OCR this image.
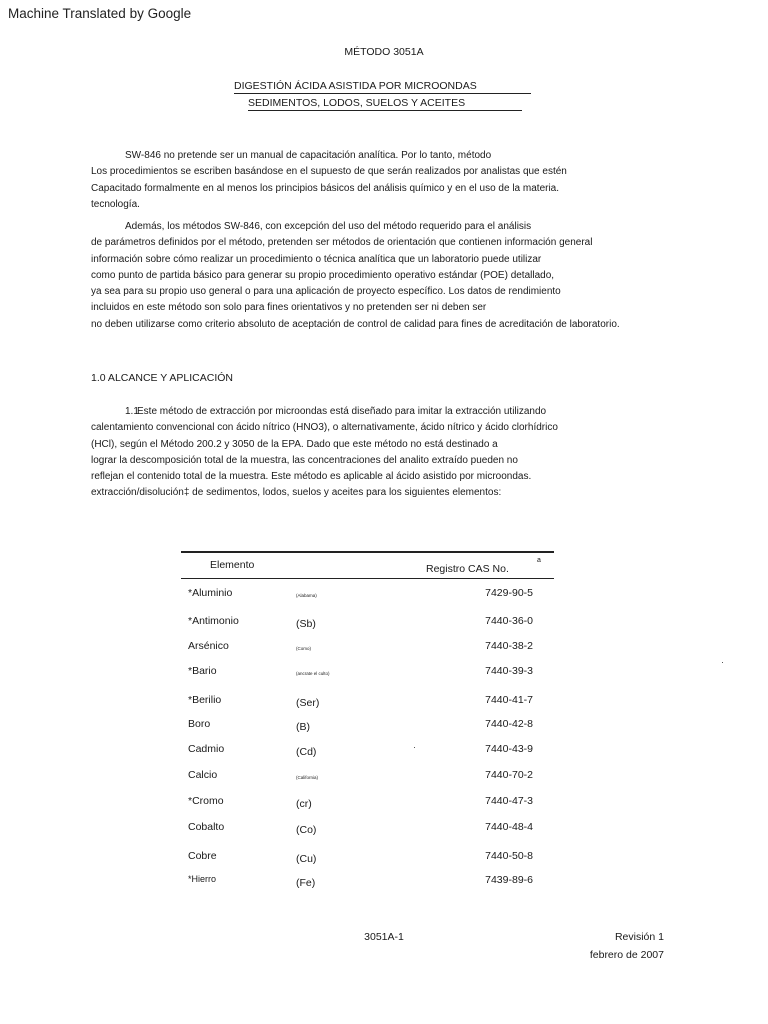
Machine Translated by Google
MÉTODO 3051A
DIGESTIÓN ÁCIDA ASISTIDA POR MICROONDAS
SEDIMENTOS, LODOS, SUELOS Y ACEITES
SW-846 no pretende ser un manual de capacitación analítica. Por lo tanto, método
Los procedimientos se escriben basándose en el supuesto de que serán realizados por analistas que estén
Capacitado formalmente en al menos los principios básicos del análisis químico y en el uso de la materia.
tecnología.
Además, los métodos SW-846, con excepción del uso del método requerido para el análisis
de parámetros definidos por el método, pretenden ser métodos de orientación que contienen información general
información sobre cómo realizar un procedimiento o técnica analítica que un laboratorio puede utilizar
como punto de partida básico para generar su propio procedimiento operativo estándar (POE) detallado,
ya sea para su propio uso general o para una aplicación de proyecto específico. Los datos de rendimiento
incluidos en este método son solo para fines orientativos y no pretenden ser ni deben ser
no deben utilizarse como criterio absoluto de aceptación de control de calidad para fines de acreditación de laboratorio.
1.0 ALCANCE Y APLICACIÓN
1.1Este método de extracción por microondas está diseñado para imitar la extracción utilizando
calentamiento convencional con ácido nítrico (HNO3), o alternativamente, ácido nítrico y ácido clorhídrico
(HCl), según el Método 200.2 y 3050 de la EPA. Dado que este método no está destinado a
lograr la descomposición total de la muestra, las concentraciones del analito extraído pueden no
reflejan el contenido total de la muestra. Este método es aplicable al ácido asistido por microondas.
extracción/disolución‡ de sedimentos, lodos, suelos y aceites para los siguientes elementos:
Elemento	Registro CAS No.
a
*Aluminio	(Alabama)	7429-90-5
*Antimonio	(Sb)	7440-36-0
Arsénico	(Como)	7440-38-2
*Bario	(ancrate el culto)	7440-39-3
*Berilio	(Ser)	7440-41-7
Boro	(B)	7440-42-8
Cadmio	(Cd)	7440-43-9
Calcio	(California)	7440-70-2
*Cromo	(cr)	7440-47-3
Cobalto	(Co)	7440-48-4
Cobre	(Cu)	7440-50-8
*Hierro	(Fe)	7439-89-6
3051A-1	Revisión 1
febrero de 2007
